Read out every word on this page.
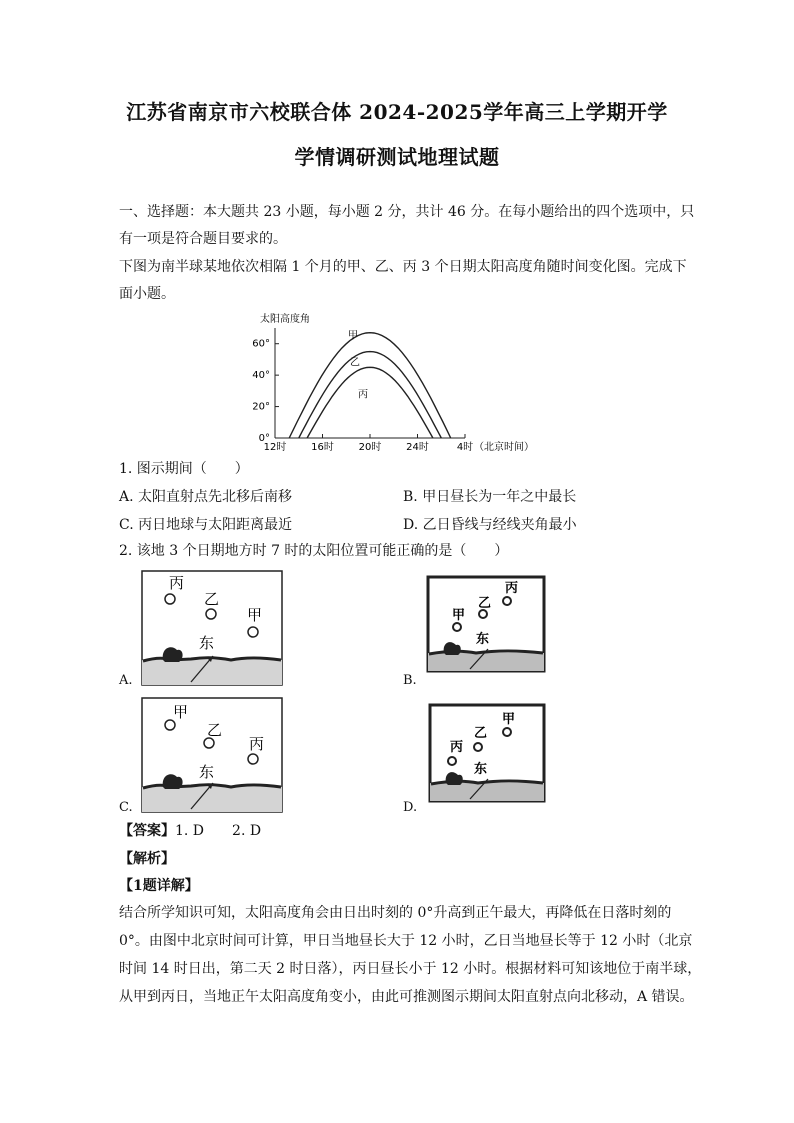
江苏省南京市六校联合体 2024-2025学年高三上学期开学
学情调研测试地理试题
一、选择题：本大题共 23 小题，每小题 2 分，共计 46 分。在每小题给出的四个选项中，只
有一项是符合题目要求的。
下图为南半球某地依次相隔 1 个月的甲、乙、丙 3 个日期太阳高度角随时间变化图。完成下
面小题。
太阳高度角
0°
20°
40°
60°
12时 16时 20时 24时	4时
甲
乙
丙
（北京时间）
1. 图示期间（　　）
A. 太阳直射点先北移后南移	B. 甲日昼长为一年之中最长
C. 丙日地球与太阳距离最近	D. 乙日昏线与经线夹角最小
2. 该地 3 个日期地方时 7 时的太阳位置可能正确的是（　　）
东
丙
乙
甲
A.
东
甲
乙
丙
B.
东
甲
乙
丙
C.
东
丙
乙
甲
D.
【答案】1. D　　2. D
【解析】
【1题详解】
结合所学知识可知，太阳高度角会由日出时刻的 0°升高到正午最大，再降低在日落时刻的
0°。由图中北京时间可计算，甲日当地昼长大于 12 小时，乙日当地昼长等于 12 小时（北京
时间 14 时日出，第二天 2 时日落），丙日昼长小于 12 小时。根据材料可知该地位于南半球，
从甲到丙日，当地正午太阳高度角变小，由此可推测图示期间太阳直射点向北移动，A 错误。
